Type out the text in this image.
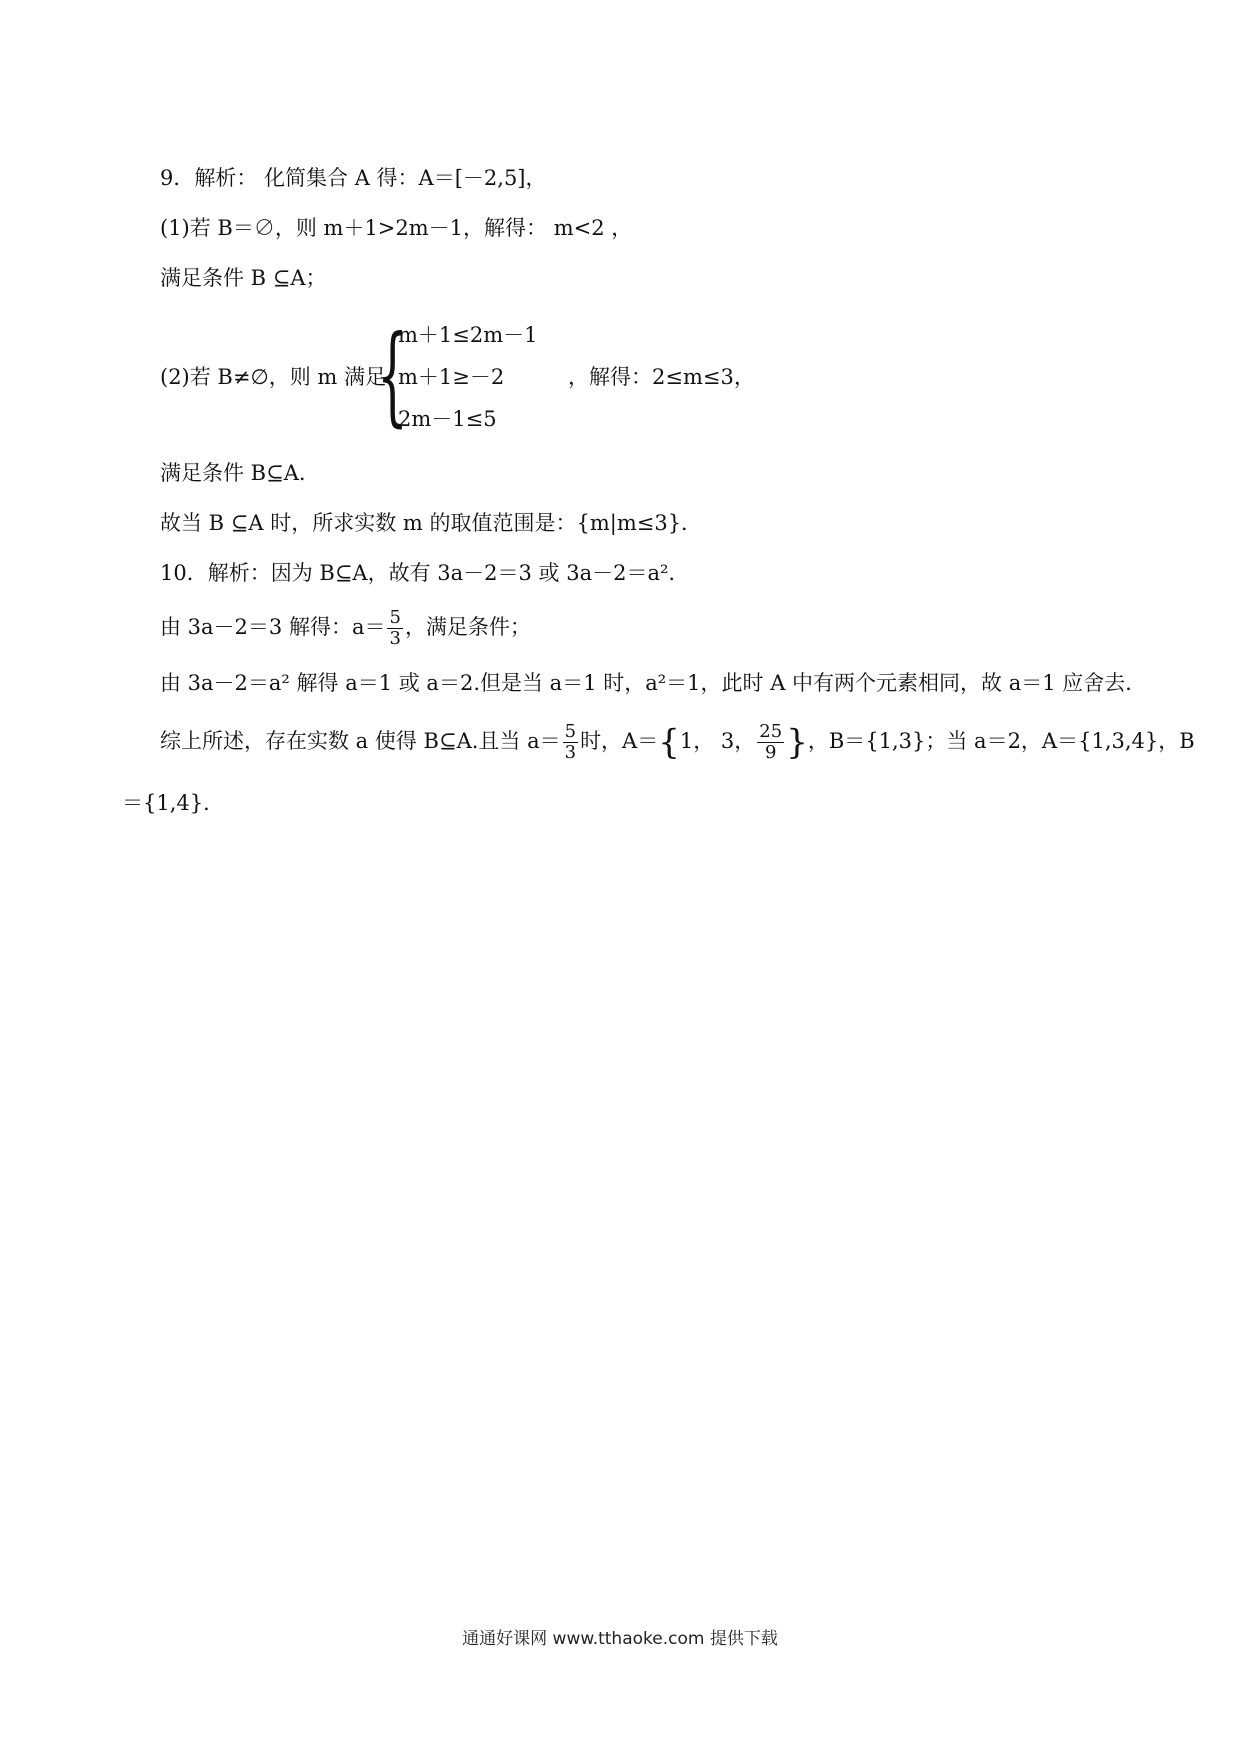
9．解析： 化简集合 A 得：A＝[－2,5]，
(1)若 B＝∅，则 m＋1>2m－1，解得： m<2 ，
满足条件 B ⊆A；
(2)若 B≠∅，则 m 满足
{
m＋1≤2m－1
m＋1≥－2
2m－1≤5
，解得：2≤m≤3，
满足条件 B⊆A.
故当 B ⊆A 时，所求实数 m 的取值范围是：{m|m≤3}．
10．解析：因为 B⊆A，故有 3a－2＝3 或 3a－2＝a².
由 3a－2＝3 解得：$a= \frac{5}{3}$ ，满足条件；
由 3a－2＝a² 解得 a＝1 或 a＝2.但是当 a＝1 时，a²＝1，此时 A 中有两个元素相同，故 a＝1 应舍去．
综上所述，存在实数 a 使得 B⊆A.且当 $a= \frac{5}{3}$ 时，A＝{1， 3， $\frac{25}{9}$ }，B＝{1,3}；当 a＝2，A＝{1,3,4}，B
＝{1,4}．
通通好课网 www.tthaoke.com 提供下载
